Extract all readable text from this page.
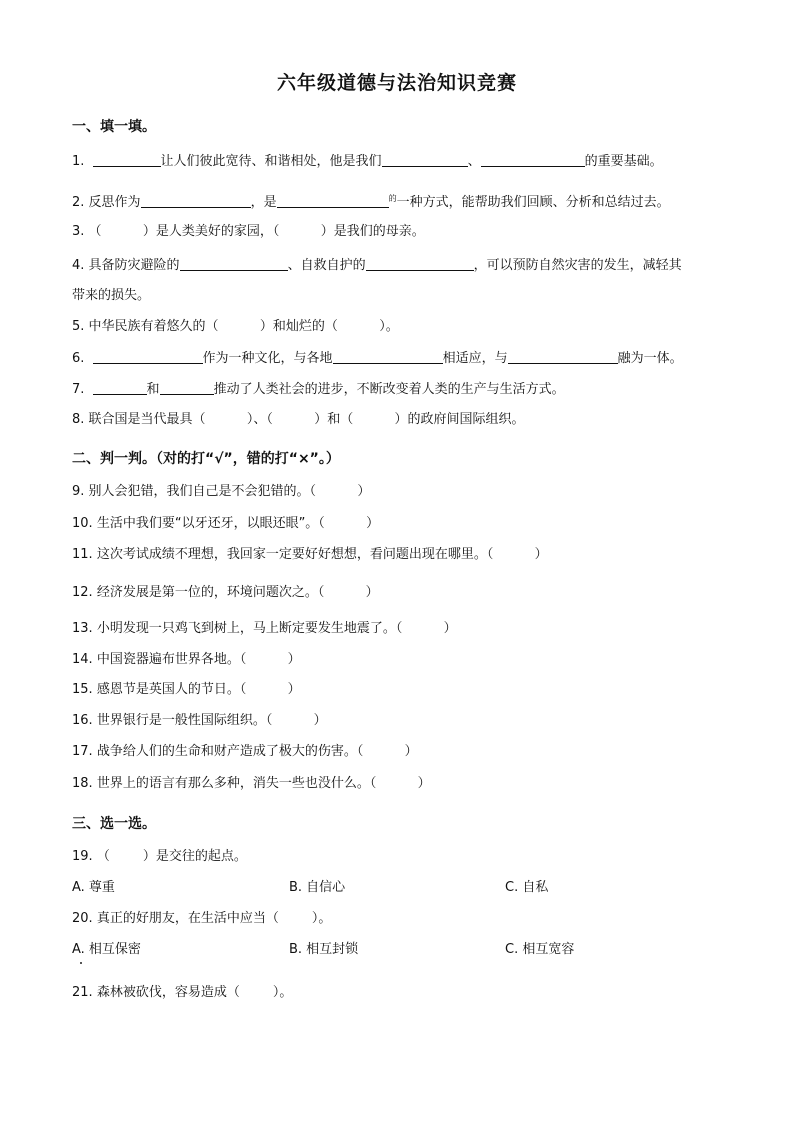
六年级道德与法治知识竞赛
一、填一填。
1.	让人们彼此宽待、和谐相处，他是我们	、	的重要基础。
2. 反思作为	，是	$^的$一种方式，能帮助我们回顾、分析和总结过去。
3. （          ）是人类美好的家园，（          ）是我们的母亲。
4. 具备防灾避险的	、自救自护的	，可以预防自然灾害的发生，减轻其
带来的损失。
5. 中华民族有着悠久的（          ）和灿烂的（          ）。
6.	作为一种文化，与各地	相适应，与	融为一体。
7.	和	推动了人类社会的进步，不断改变着人类的生产与生活方式。
8. 联合国是当代最具（          ）、（          ）和（          ）的政府间国际组织。
二、判一判。（对的打“√”，错的打“×”。）
9. 别人会犯错，我们自己是不会犯错的。（          ）
10. 生活中我们要“以牙还牙，以眼还眼”。（          ）
11. 这次考试成绩不理想，我回家一定要好好想想，看问题出现在哪里。（          ）
12. 经济发展是第一位的，环境问题次之。（          ）
13. 小明发现一只鸡飞到树上，马上断定要发生地震了。（          ）
14. 中国瓷器遍布世界各地。（          ）
15. 感恩节是英国人的节日。（          ）
16. 世界银行是一般性国际组织。（          ）
17. 战争给人们的生命和财产造成了极大的伤害。（          ）
18. 世界上的语言有那么多种，消失一些也没什么。（          ）
三、选一选。
19. （        ）是交往的起点。
A. 尊重	B. 自信心	C. 自私
20. 真正的好朋友，在生活中应当（        ）。
A. 相互保密	B. 相互封锁	C. 相互宽容
21. 森林被砍伐，容易造成（        ）。
